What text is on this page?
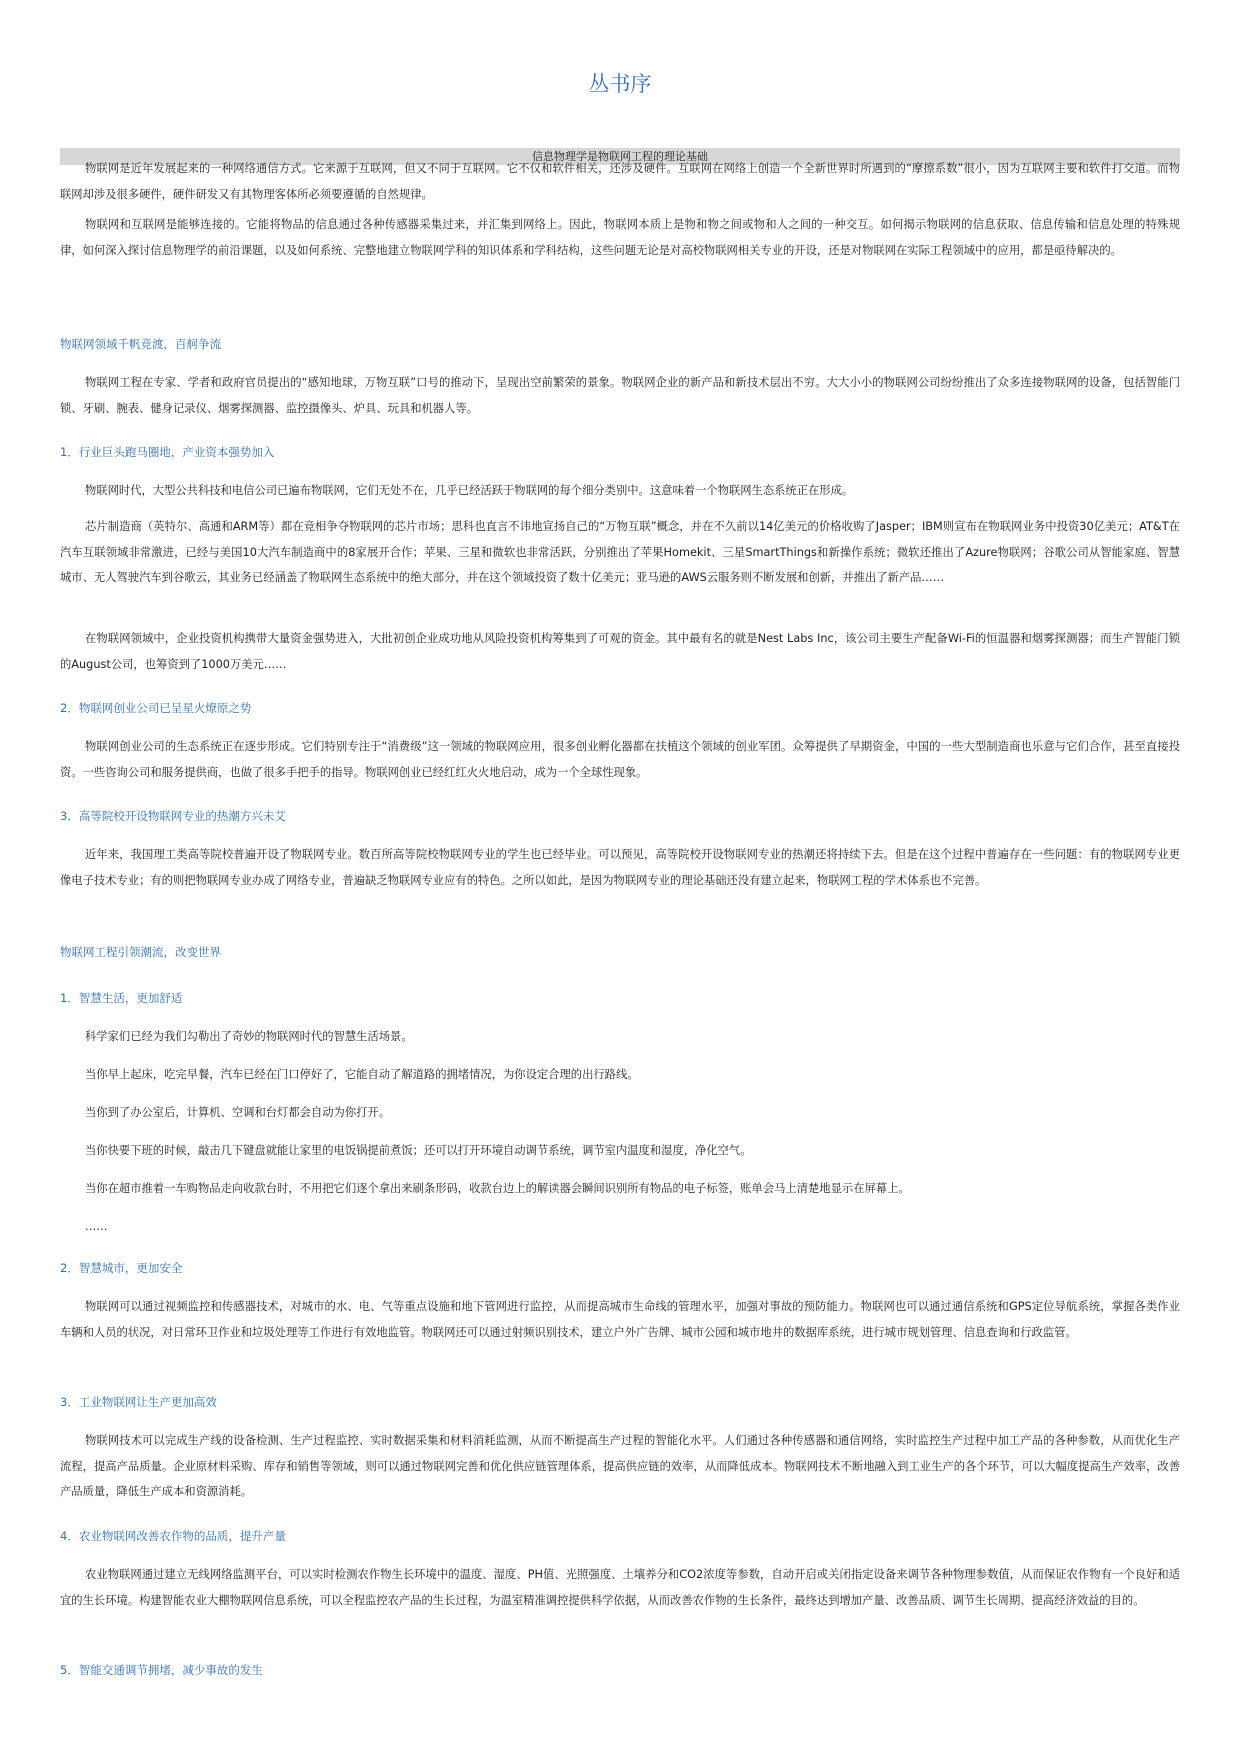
丛书序
信息物理学是物联网工程的理论基础

物联网是近年发展起来的一种网络通信方式。它来源于互联网，但又不同于互联网。它不仅和软件相关，还涉及硬件。互联网在网络上创造一个全新世界时所遇到的“摩擦系数”很小，因为互联网主要和软件打交道。而物联网却涉及很多硬件，硬件研发又有其物理客体所必须要遵循的自然规律。

物联网和互联网是能够连接的。它能将物品的信息通过各种传感器采集过来，并汇集到网络上。因此，物联网本质上是物和物之间或物和人之间的一种交互。如何揭示物联网的信息获取、信息传输和信息处理的特殊规律，如何深入探讨信息物理学的前沿课题，以及如何系统、完整地建立物联网学科的知识体系和学科结构，这些问题无论是对高校物联网相关专业的开设，还是对物联网在实际工程领域中的应用，都是亟待解决的。

物联网领域千帆竞渡，百舸争流

物联网工程在专家、学者和政府官员提出的“感知地球，万物互联”口号的推动下，呈现出空前繁荣的景象。物联网企业的新产品和新技术层出不穷。大大小小的物联网公司纷纷推出了众多连接物联网的设备，包括智能门锁、牙刷、腕表、健身记录仪、烟雾探测器、监控摄像头、炉具、玩具和机器人等。

1．行业巨头跑马圈地，产业资本强势加入

物联网时代，大型公共科技和电信公司已遍布物联网，它们无处不在，几乎已经活跃于物联网的每个细分类别中。这意味着一个物联网生态系统正在形成。

芯片制造商（英特尔、高通和ARM等）都在竞相争夺物联网的芯片市场；思科也直言不讳地宣扬自己的“万物互联”概念，并在不久前以14亿美元的价格收购了Jasper；IBM则宣布在物联网业务中投资30亿美元；AT&T在汽车互联领域非常激进，已经与美国10大汽车制造商中的8家展开合作；苹果、三星和微软也非常活跃，分别推出了苹果Homekit、三星SmartThings和新操作系统；微软还推出了Azure物联网；谷歌公司从智能家庭、智慧城市、无人驾驶汽车到谷歌云，其业务已经涵盖了物联网生态系统中的绝大部分，并在这个领域投资了数十亿美元；亚马逊的AWS云服务则不断发展和创新，并推出了新产品……

在物联网领域中，企业投资机构携带大量资金强势进入，大批初创企业成功地从风险投资机构筹集到了可观的资金。其中最有名的就是Nest Labs Inc，该公司主要生产配备Wi-Fi的恒温器和烟雾探测器；而生产智能门锁的August公司，也筹资到了1000万美元……

2．物联网创业公司已呈星火燎原之势

物联网创业公司的生态系统正在逐步形成。它们特别专注于“消费级”这一领域的物联网应用，很多创业孵化器都在扶植这个领域的创业军团。众筹提供了早期资金，中国的一些大型制造商也乐意与它们合作，甚至直接投资。一些咨询公司和服务提供商，也做了很多手把手的指导。物联网创业已经红红火火地启动，成为一个全球性现象。

3．高等院校开设物联网专业的热潮方兴未艾

近年来，我国理工类高等院校普遍开设了物联网专业。数百所高等院校物联网专业的学生也已经毕业。可以预见，高等院校开设物联网专业的热潮还将持续下去。但是在这个过程中普遍存在一些问题：有的物联网专业更像电子技术专业；有的则把物联网专业办成了网络专业，普遍缺乏物联网专业应有的特色。之所以如此，是因为物联网专业的理论基础还没有建立起来，物联网工程的学术体系也不完善。

物联网工程引领潮流，改变世界

1．智慧生活，更加舒适

科学家们已经为我们勾勒出了奇妙的物联网时代的智慧生活场景。

当你早上起床，吃完早餐，汽车已经在门口停好了，它能自动了解道路的拥堵情况，为你设定合理的出行路线。

当你到了办公室后，计算机、空调和台灯都会自动为你打开。

当你快要下班的时候，敲击几下键盘就能让家里的电饭锅提前煮饭；还可以打开环境自动调节系统，调节室内温度和湿度，净化空气。

当你在超市推着一车购物品走向收款台时，不用把它们逐个拿出来刷条形码，收款台边上的解读器会瞬间识别所有物品的电子标签，账单会马上清楚地显示在屏幕上。

……

2．智慧城市，更加安全

物联网可以通过视频监控和传感器技术，对城市的水、电、气等重点设施和地下管网进行监控，从而提高城市生命线的管理水平，加强对事故的预防能力。物联网也可以通过通信系统和GPS定位导航系统，掌握各类作业车辆和人员的状况，对日常环卫作业和垃圾处理等工作进行有效地监管。物联网还可以通过射频识别技术，建立户外广告牌、城市公园和城市地井的数据库系统，进行城市规划管理、信息查询和行政监管。

3．工业物联网让生产更加高效

物联网技术可以完成生产线的设备检测、生产过程监控、实时数据采集和材料消耗监测，从而不断提高生产过程的智能化水平。人们通过各种传感器和通信网络，实时监控生产过程中加工产品的各种参数，从而优化生产流程，提高产品质量。企业原材料采购、库存和销售等领域，则可以通过物联网完善和优化供应链管理体系，提高供应链的效率，从而降低成本。物联网技术不断地融入到工业生产的各个环节，可以大幅度提高生产效率，改善产品质量，降低生产成本和资源消耗。

4．农业物联网改善农作物的品质，提升产量

农业物联网通过建立无线网络监测平台，可以实时检测农作物生长环境中的温度、湿度、PH值、光照强度、土壤养分和CO2浓度等参数，自动开启或关闭指定设备来调节各种物理参数值，从而保证农作物有一个良好和适宜的生长环境。构建智能农业大棚物联网信息系统，可以全程监控农产品的生长过程，为温室精准调控提供科学依据，从而改善农作物的生长条件，最终达到增加产量、改善品质、调节生长周期、提高经济效益的目的。

5．智能交通调节拥堵，减少事故的发生
